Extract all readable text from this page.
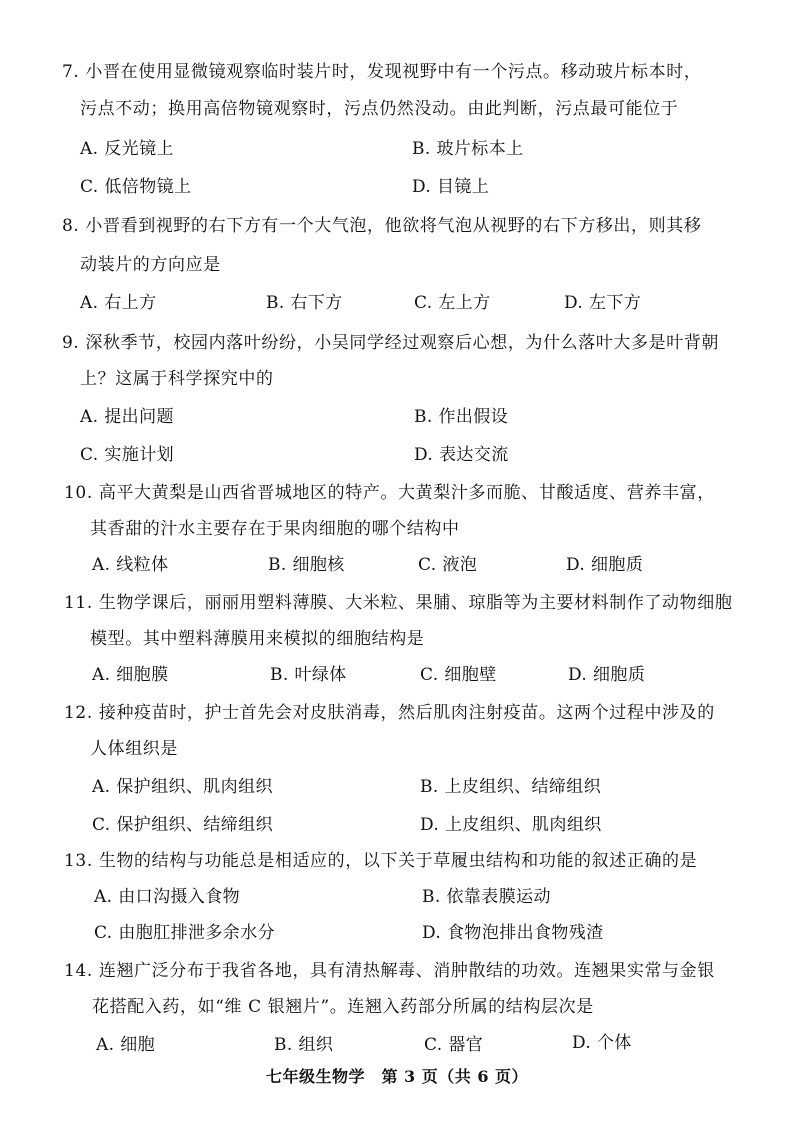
7. 小晋在使用显微镜观察临时装片时，发现视野中有一个污点。移动玻片标本时，
污点不动；换用高倍物镜观察时，污点仍然没动。由此判断，污点最可能位于
A. 反光镜上	B. 玻片标本上
C. 低倍物镜上	D. 目镜上
8. 小晋看到视野的右下方有一个大气泡，他欲将气泡从视野的右下方移出，则其移
动装片的方向应是
A. 右上方	B. 右下方	C. 左上方	D. 左下方
9. 深秋季节，校园内落叶纷纷，小吴同学经过观察后心想，为什么落叶大多是叶背朝
上？这属于科学探究中的
A. 提出问题	B. 作出假设
C. 实施计划	D. 表达交流
10. 高平大黄梨是山西省晋城地区的特产。大黄梨汁多而脆、甘酸适度、营养丰富，
其香甜的汁水主要存在于果肉细胞的哪个结构中
A. 线粒体	B. 细胞核	C. 液泡	D. 细胞质
11. 生物学课后，丽丽用塑料薄膜、大米粒、果脯、琼脂等为主要材料制作了动物细胞
模型。其中塑料薄膜用来模拟的细胞结构是
A. 细胞膜	B. 叶绿体	C. 细胞壁	D. 细胞质
12. 接种疫苗时，护士首先会对皮肤消毒，然后肌肉注射疫苗。这两个过程中涉及的
人体组织是
A. 保护组织、肌肉组织	B. 上皮组织、结缔组织
C. 保护组织、结缔组织	D. 上皮组织、肌肉组织
13. 生物的结构与功能总是相适应的，以下关于草履虫结构和功能的叙述正确的是
A. 由口沟摄入食物	B. 依靠表膜运动
C. 由胞肛排泄多余水分	D. 食物泡排出食物残渣
14. 连翘广泛分布于我省各地，具有清热解毒、消肿散结的功效。连翘果实常与金银
花搭配入药，如“维 C 银翘片”。连翘入药部分所属的结构层次是
A. 细胞	B. 组织	C. 器官	D. 个体
七年级生物学　第 3 页（共 6 页）
